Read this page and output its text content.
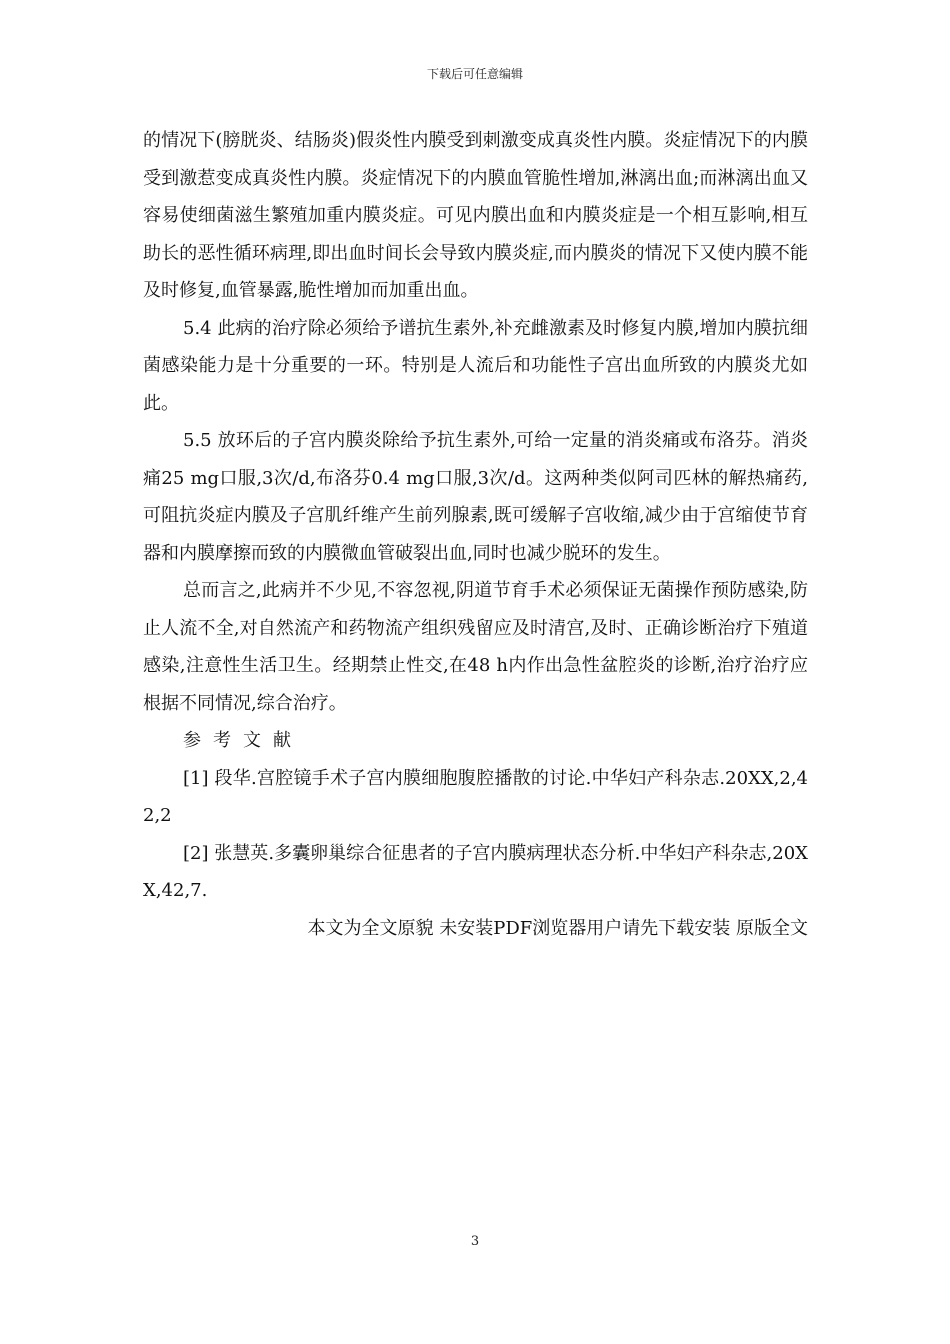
下载后可任意编辑

的情况下(膀胱炎、结肠炎)假炎性内膜受到刺激变成真炎性内膜。炎症情况下的内膜受到激惹变成真炎性内膜。炎症情况下的内膜血管脆性增加,淋漓出血;而淋漓出血又容易使细菌滋生繁殖加重内膜炎症。可见内膜出血和内膜炎症是一个相互影响,相互助长的恶性循环病理,即出血时间长会导致内膜炎症,而内膜炎的情况下又使内膜不能及时修复,血管暴露,脆性增加而加重出血。

5.4 此病的治疗除必须给予谱抗生素外,补充雌激素及时修复内膜,增加内膜抗细菌感染能力是十分重要的一环。特别是人流后和功能性子宫出血所致的内膜炎尤如此。

5.5 放环后的子宫内膜炎除给予抗生素外,可给一定量的消炎痛或布洛芬。消炎痛25 mg口服,3次/d,布洛芬0.4 mg口服,3次/d。这两种类似阿司匹林的解热痛药,可阻抗炎症内膜及子宫肌纤维产生前列腺素,既可缓解子宫收缩,减少由于宫缩使节育器和内膜摩擦而致的内膜微血管破裂出血,同时也减少脱环的发生。

总而言之,此病并不少见,不容忽视,阴道节育手术必须保证无菌操作预防感染,防止人流不全,对自然流产和药物流产组织残留应及时清宫,及时、正确诊断治疗下殖道感染,注意性生活卫生。经期禁止性交,在48 h内作出急性盆腔炎的诊断,治疗治疗应根据不同情况,综合治疗。

参考文献

[1] 段华.宫腔镜手术子宫内膜细胞腹腔播散的讨论.中华妇产科杂志.20XX,2,42,2

[2] 张慧英.多囊卵巢综合征患者的子宫内膜病理状态分析.中华妇产科杂志,20XX,42,7.

本文为全文原貌 未安装PDF浏览器用户请先下载安装 原版全文

3
